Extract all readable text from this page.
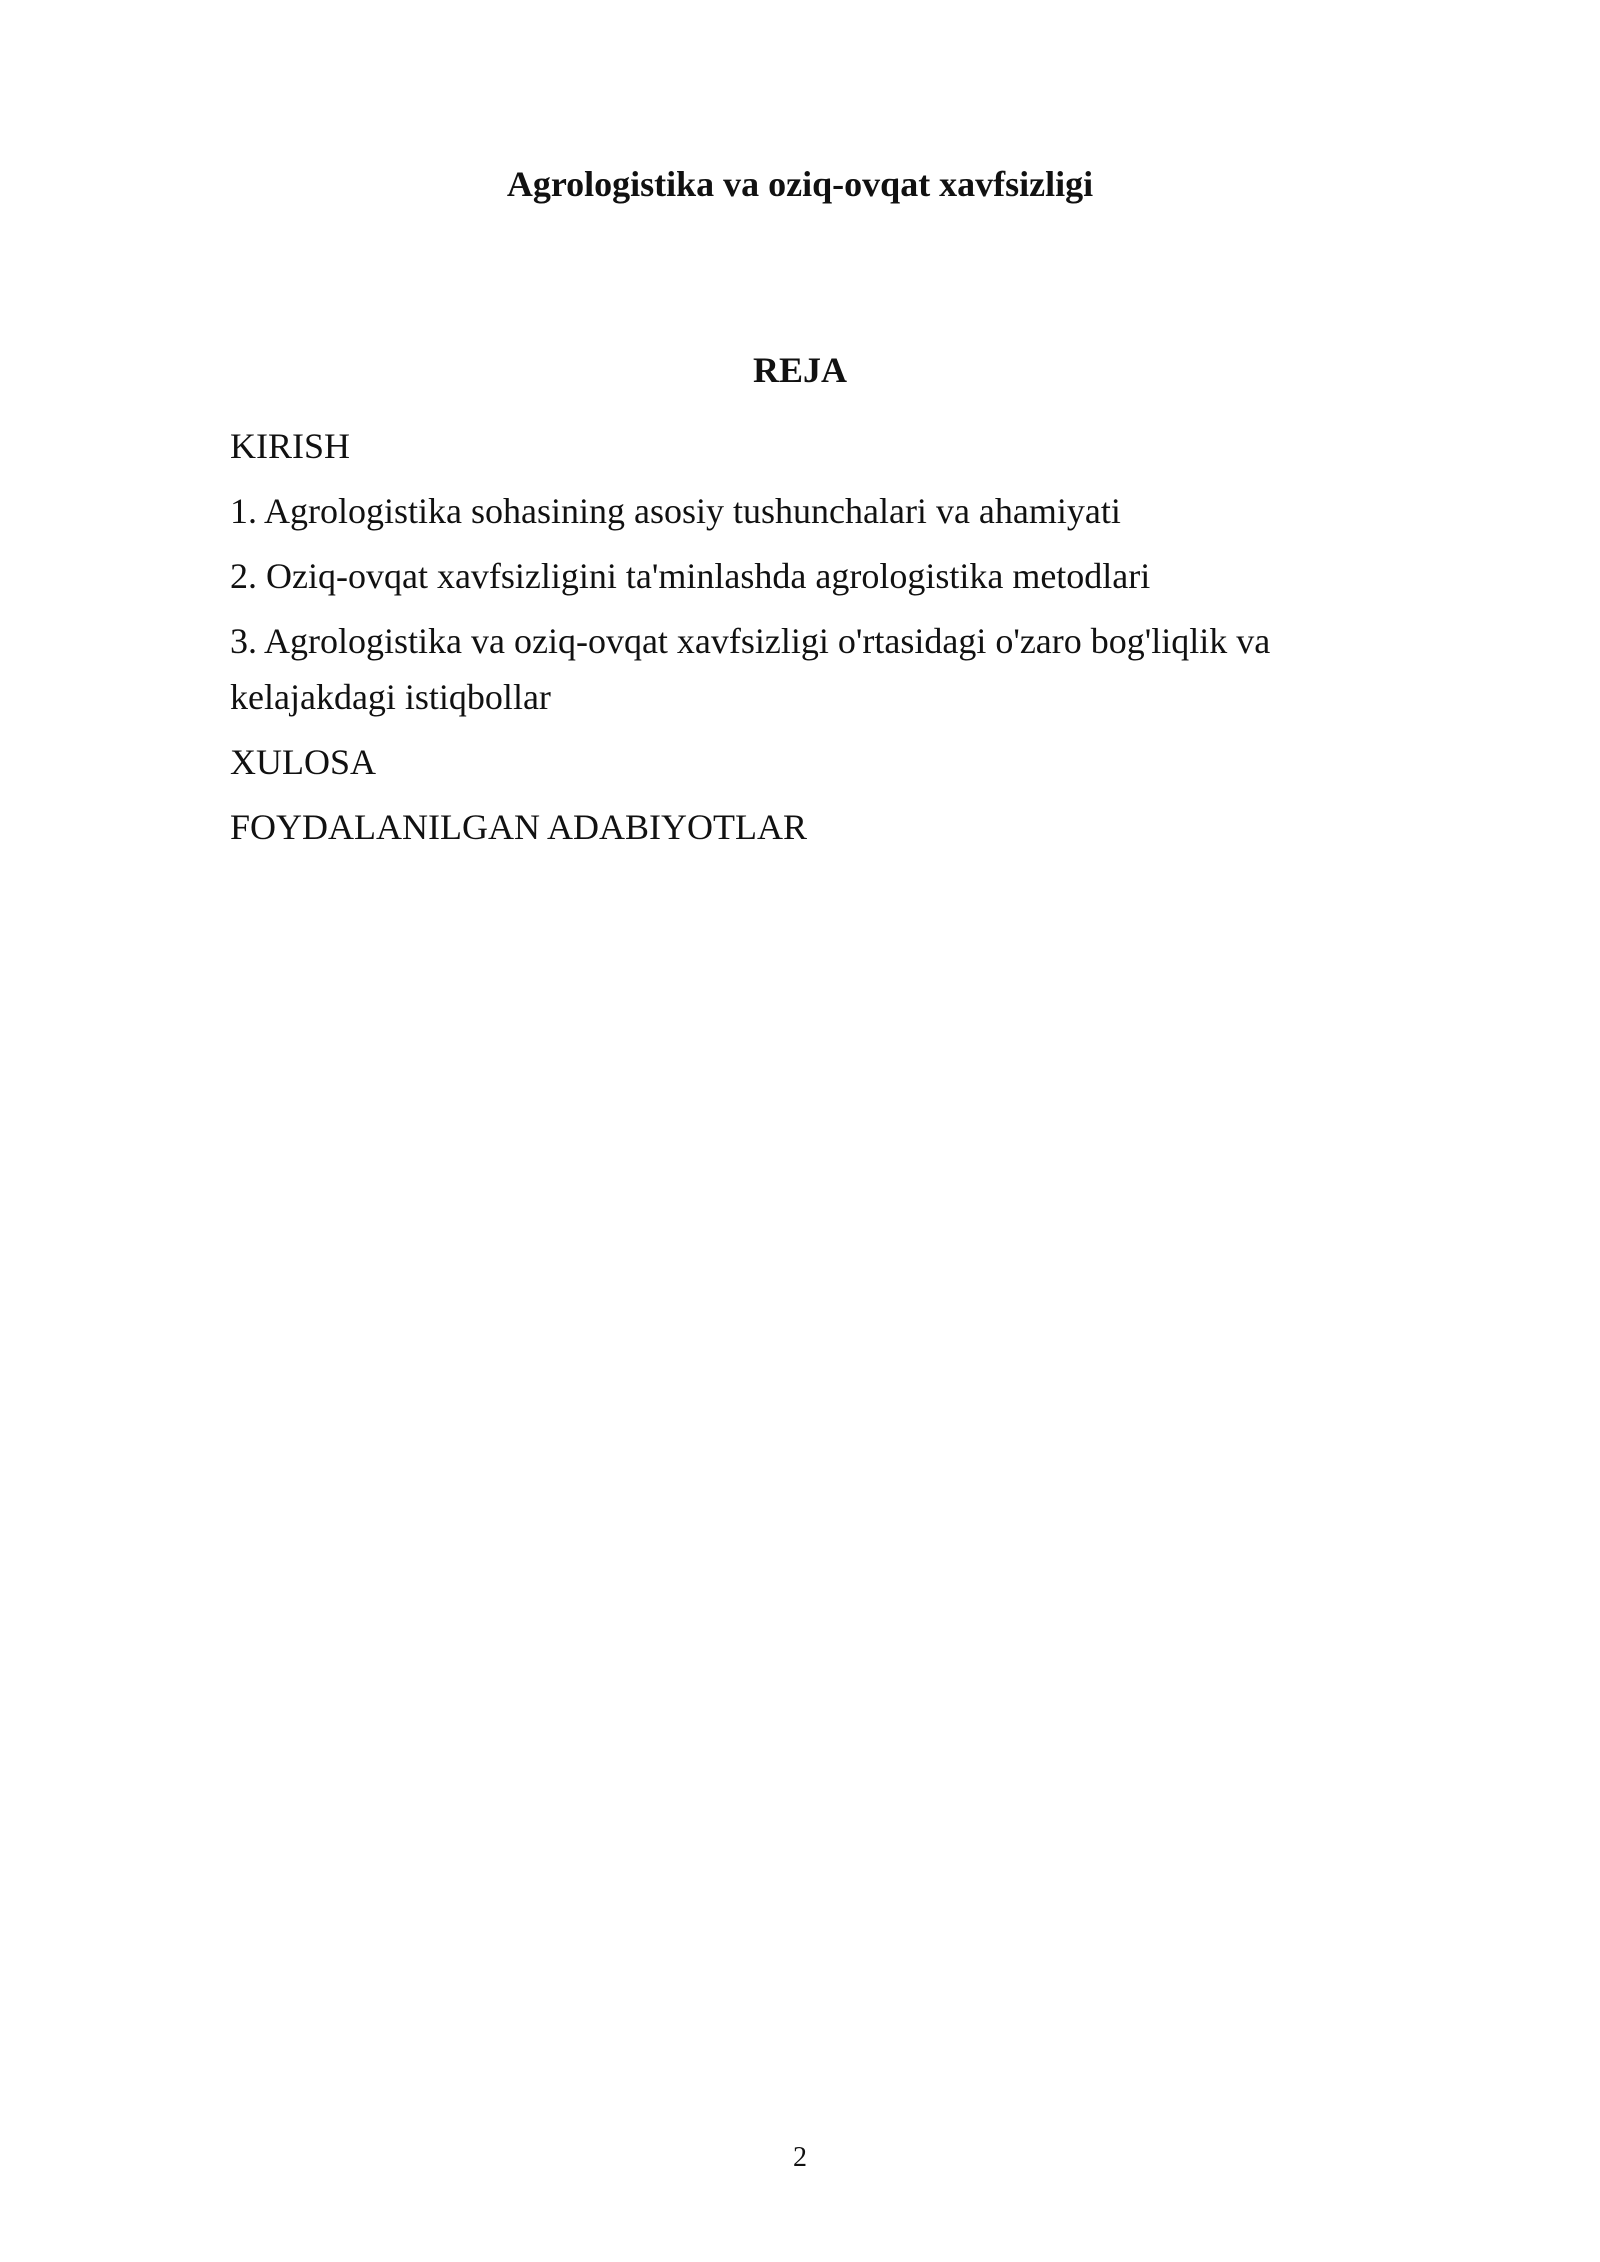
Agrologistika va oziq-ovqat xavfsizligi
REJA
KIRISH
1. Agrologistika sohasining asosiy tushunchalari va ahamiyati
2. Oziq-ovqat xavfsizligini ta'minlashda agrologistika metodlari
3. Agrologistika va oziq-ovqat xavfsizligi o'rtasidagi o'zaro bog'liqlik va kelajakdagi istiqbollar
XULOSA
FOYDALANILGAN ADABIYOTLAR
2
